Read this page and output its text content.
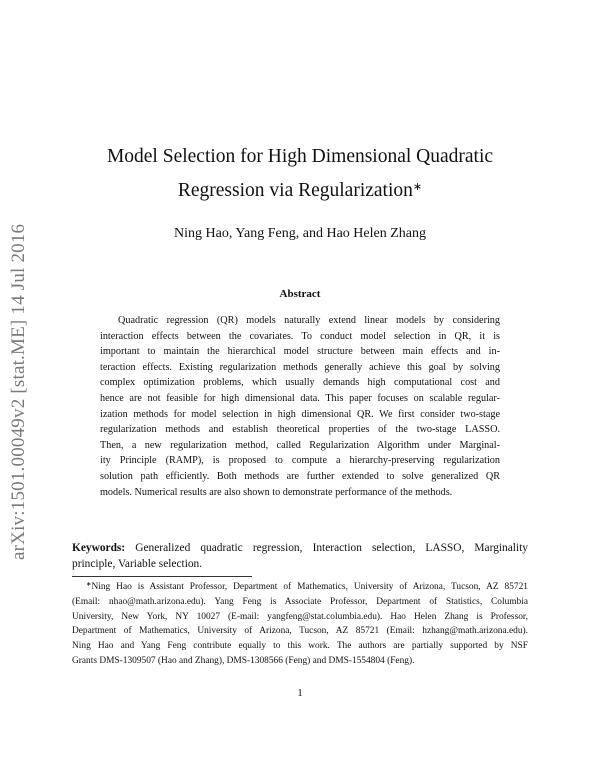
arXiv:1501.00049v2 [stat.ME] 14 Jul 2016
Model Selection for High Dimensional Quadratic
Regression via Regularization∗
Ning Hao, Yang Feng, and Hao Helen Zhang
Abstract
Quadratic regression (QR) models naturally extend linear models by considering
interaction effects between the covariates. To conduct model selection in QR, it is
important to maintain the hierarchical model structure between main effects and in-
teraction effects. Existing regularization methods generally achieve this goal by solving
complex optimization problems, which usually demands high computational cost and
hence are not feasible for high dimensional data. This paper focuses on scalable regular-
ization methods for model selection in high dimensional QR. We first consider two-stage
regularization methods and establish theoretical properties of the two-stage LASSO.
Then, a new regularization method, called Regularization Algorithm under Marginal-
ity Principle (RAMP), is proposed to compute a hierarchy-preserving regularization
solution path efficiently. Both methods are further extended to solve generalized QR
models. Numerical results are also shown to demonstrate performance of the methods.
Keywords: Generalized quadratic regression, Interaction selection, LASSO, Marginality
principle, Variable selection.
∗Ning Hao is Assistant Professor, Department of Mathematics, University of Arizona, Tucson, AZ 85721
(Email: nhao@math.arizona.edu). Yang Feng is Associate Professor, Department of Statistics, Columbia
University, New York, NY 10027 (E-mail: yangfeng@stat.columbia.edu). Hao Helen Zhang is Professor,
Department of Mathematics, University of Arizona, Tucson, AZ 85721 (Email: hzhang@math.arizona.edu).
Ning Hao and Yang Feng contribute equally to this work. The authors are partially supported by NSF
Grants DMS-1309507 (Hao and Zhang), DMS-1308566 (Feng) and DMS-1554804 (Feng).
1
